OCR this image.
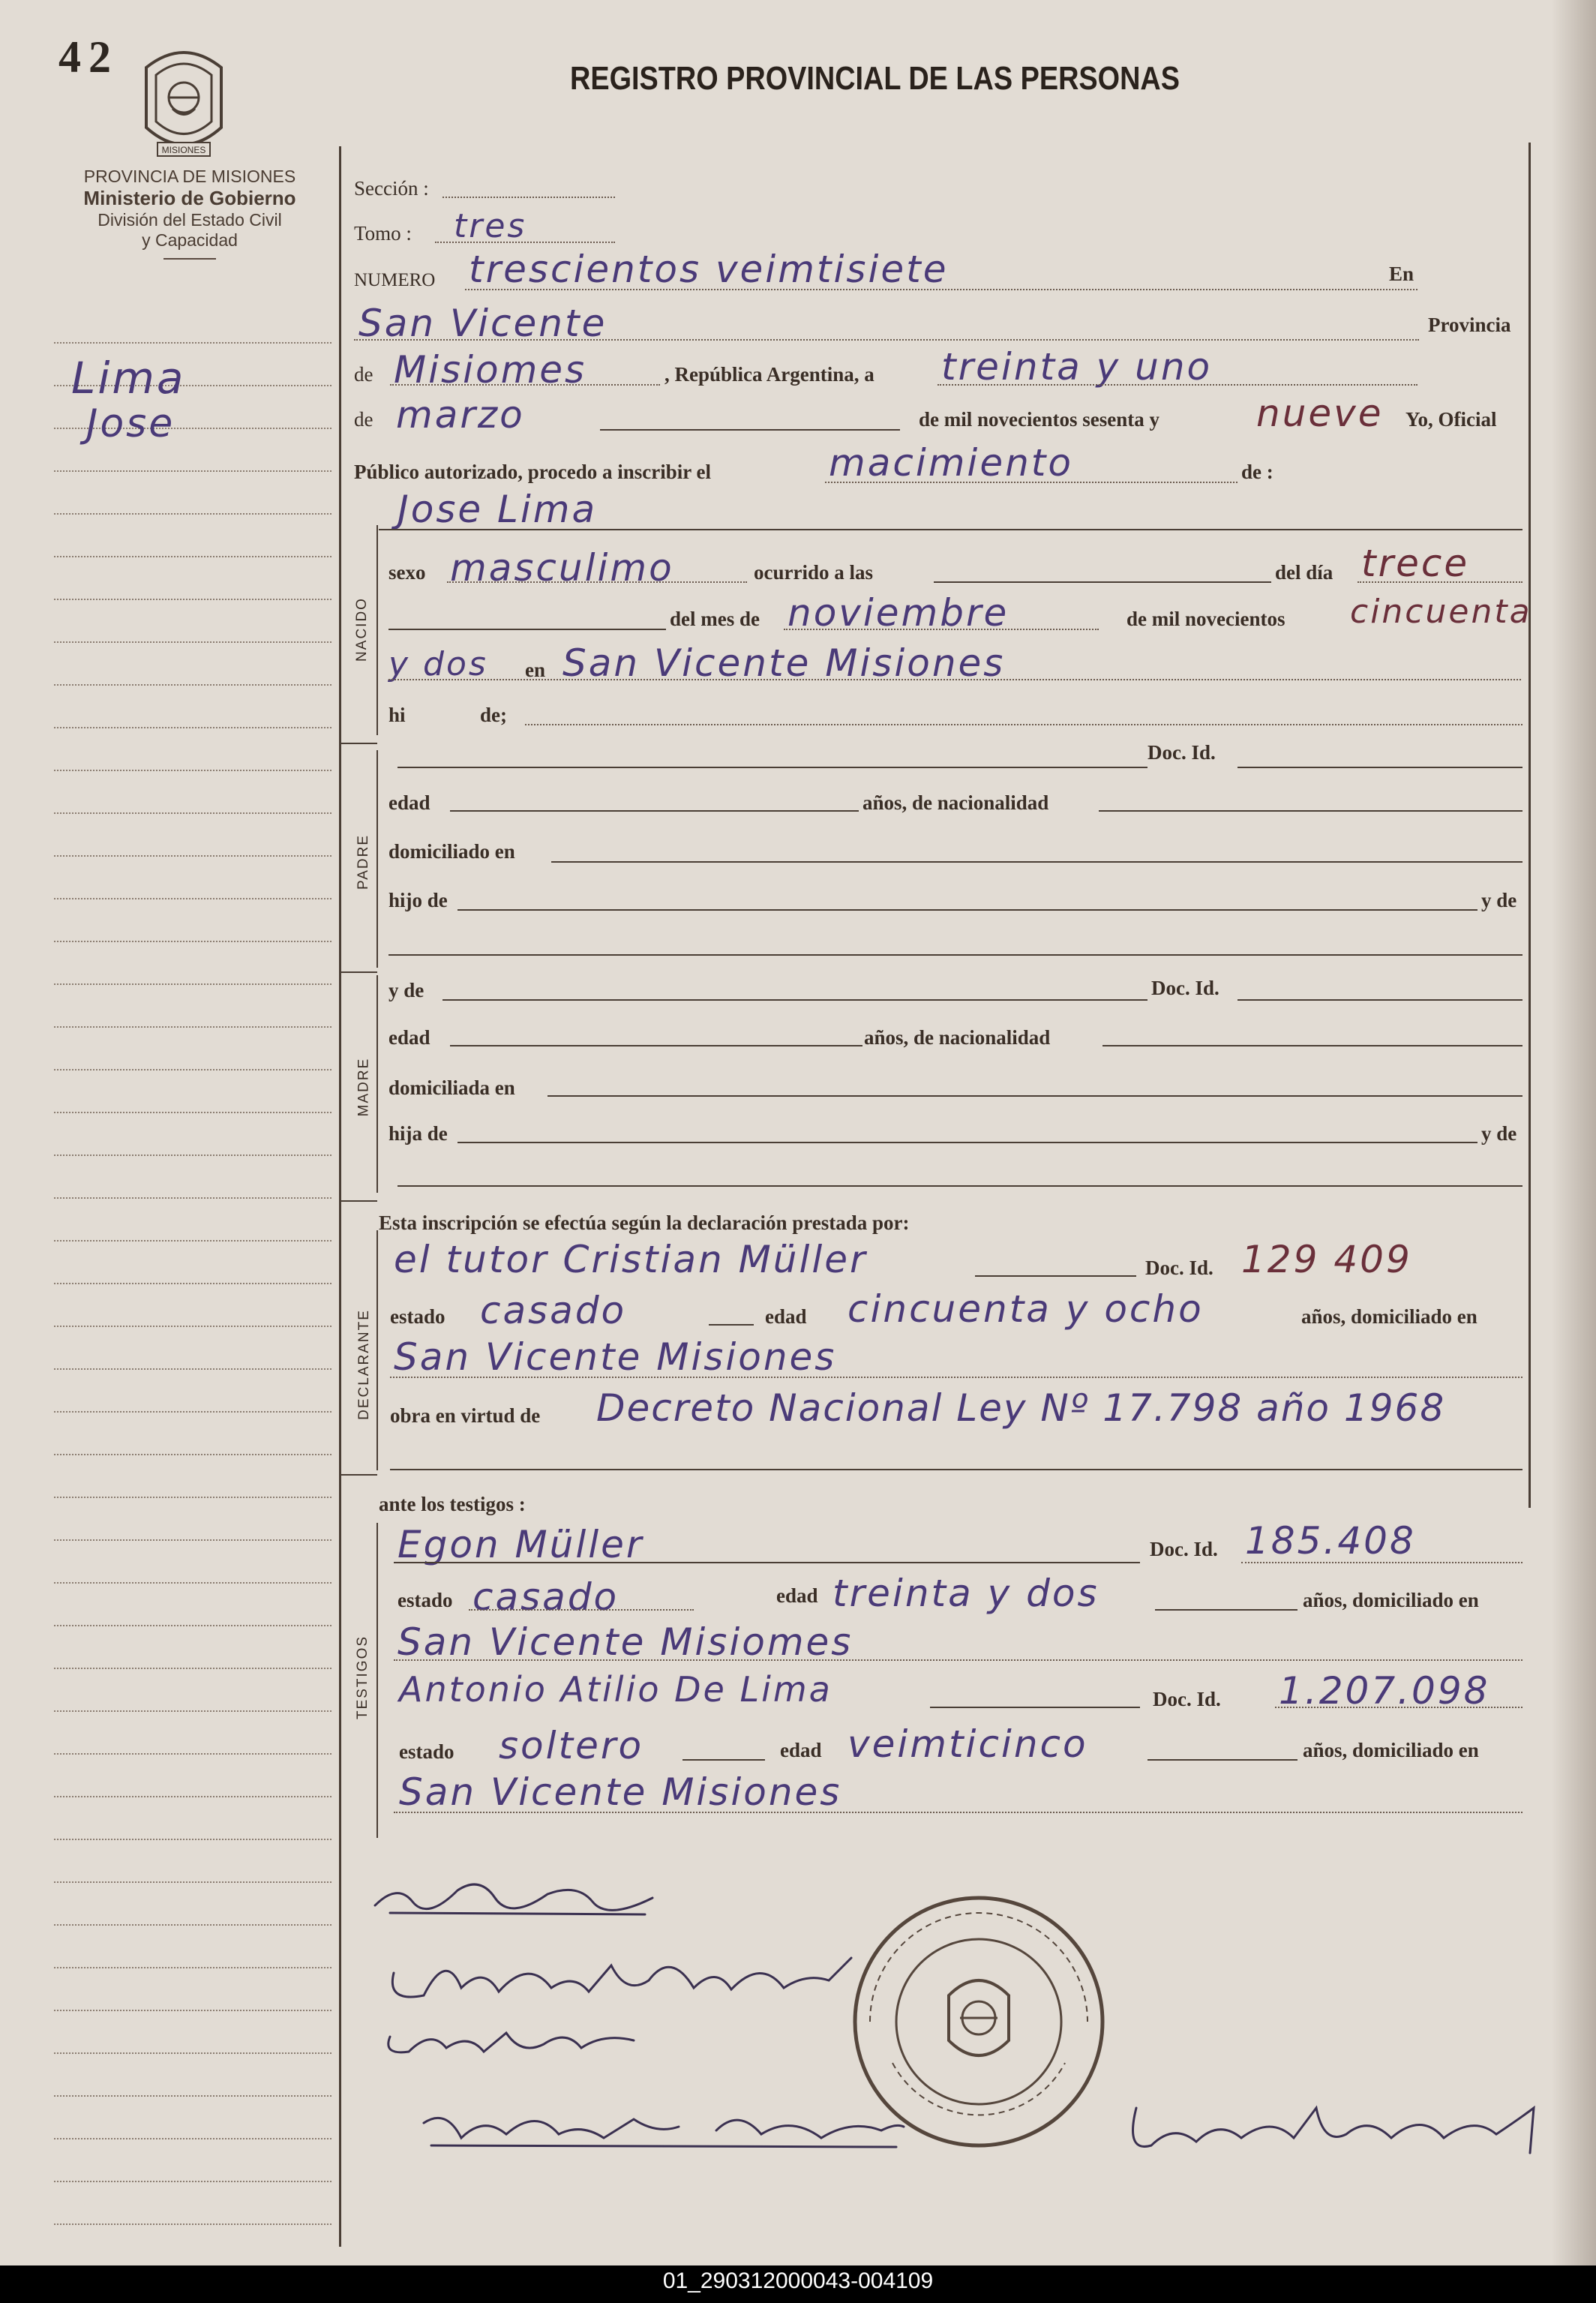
42
MISIONES
REGISTRO PROVINCIAL DE LAS PERSONAS
PROVINCIA DE MISIONES
Ministerio de Gobierno
División del Estado Civil
y Capacidad
Lima
Jose
NACIDO
PADRE
MADRE
DECLARANTE
TESTIGOS
Sección :
Tomo : tres
NUMERO trescientos veimtisiete	En
San Vicente	Provincia
de Misiomes	, República Argentina, a treinta y uno
de marzo	de mil novecientos sesenta y	nueve Yo, Oficial
Público autorizado, procedo a inscribir el	macimiento	de :
Jose Lima
sexo masculimo	ocurrido a las	del día trece
del mes de noviembre	de mil novecientos cincuenta
y dos en San Vicente Misiones
hi	de;
Doc. Id.
edad	años, de nacionalidad
domiciliado en
hijo de	y de
y de	Doc. Id.
edad	años, de nacionalidad
domiciliada en
hija de	y de
Esta inscripción se efectúa según la declaración prestada por:
el tutor Cristian Müller	Doc. Id. 129 409
estado casado	edad cincuenta y ocho	años, domiciliado en
San Vicente Misiones
obra en virtud de Decreto Nacional Ley Nº 17.798 año 1968
ante los testigos :
Egon Müller	Doc. Id. 185.408
estado casado	edad treinta y dos	años, domiciliado en
San Vicente Misiomes
Antonio Atilio De Lima	Doc. Id. 1.207.098
estado soltero	edad veimticinco	años, domiciliado en
San Vicente Misiones
01_290312000043-004109
